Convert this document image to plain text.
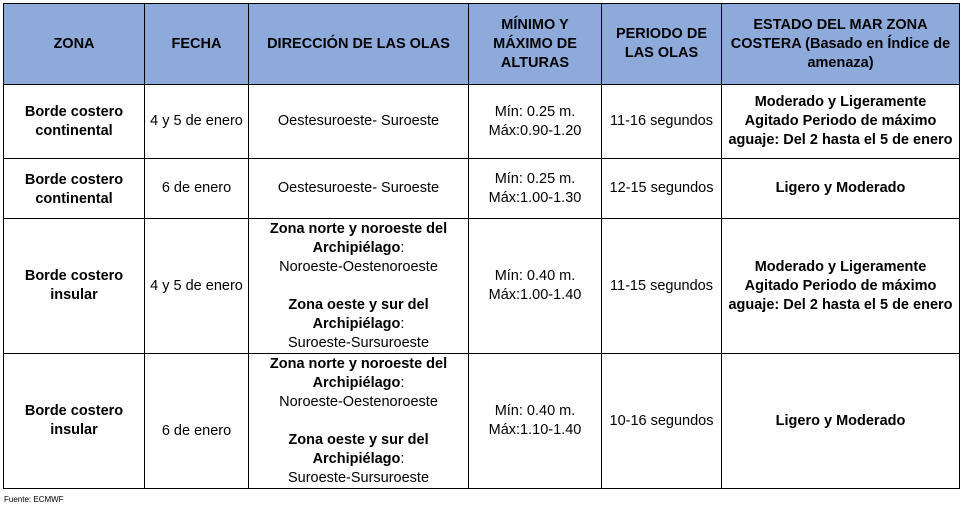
ZONA	FECHA	DIRECCIÓN DE LAS OLAS	MÍNIMO Y MÁXIMO DE ALTURAS	PERIODO DE LAS OLAS	ESTADO DEL MAR ZONA COSTERA (Basado en Índice de amenaza)
Borde costero continental	4 y 5 de enero	Oestesuroeste- Suroeste	Mín: 0.25 m.
Máx:0.90-1.20	11-16 segundos	Moderado y Ligeramente Agitado Periodo de máximo aguaje: Del 2 hasta el 5 de enero
Borde costero continental	6 de enero	Oestesuroeste- Suroeste	Mín: 0.25 m.
Máx:1.00-1.30	12-15 segundos	Ligero y Moderado
Borde costero insular	4 y 5 de enero	Zona norte y noroeste del Archipiélago:
Noroeste-Oestenoroeste
Zona oeste y sur del Archipiélago:
Suroeste-Sursuroeste	Mín: 0.40 m.
Máx:1.00-1.40	11-15 segundos	Moderado y Ligeramente Agitado Periodo de máximo aguaje: Del 2 hasta el 5 de enero
Borde costero insular	6 de enero	Zona norte y noroeste del Archipiélago:
Noroeste-Oestenoroeste
Zona oeste y sur del Archipiélago:
Suroeste-Sursuroeste	Mín: 0.40 m.
Máx:1.10-1.40	10-16 segundos	Ligero y Moderado
Fuente: ECMWF
